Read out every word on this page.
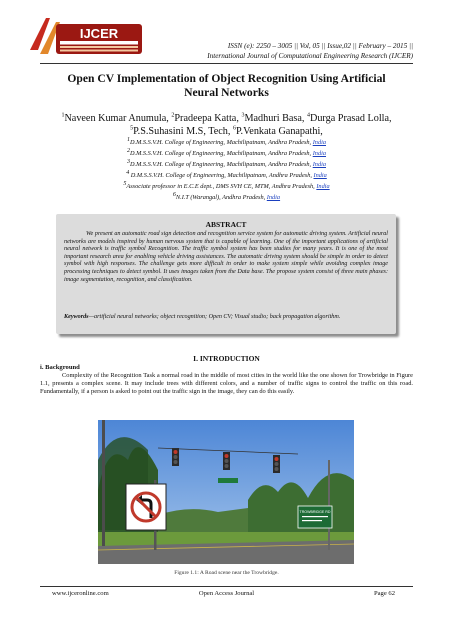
IJCER
ISSN (e): 2250 – 3005 || Vol, 05 || Issue,02 || February – 2015 ||
International Journal of Computational Engineering Research (IJCER)
Open CV Implementation of Object Recognition Using Artificial
Neural Networks
$^1$Naveen Kumar Anumula, $^2$Pradeepa Katta, $^3$Madhuri Basa, $^4$Durga Prasad Lolla, $^5$P.S.Suhasini M.S, Tech, $^6$P.Venkata Ganapathi,
$^1$D.M.S.S.V.H. College of Engineering, Machilipatnam, Andhra Pradesh, India
$^2$D.M.S.S.V.H. College of Engineering, Machilipatnam, Andhra Pradesh, India
$^3$D.M.S.S.V.H. College of Engineering, Machilipatnam, Andhra Pradesh, India
$^4$ D.M.S.S.V.H. College of Engineering, Machilipatnam, Andhra Pradesh, India
$^5$Associate professor in E.C.E dept., DMS SVH CE, MTM, Andhra Pradesh, India
$^6$N.I.T (Warangal), Andhra Pradesh, India
ABSTRACT
We present an automatic road sign detection and recognition service system for automatic driving system. Artificial neural networks are models inspired by human nervous system that is capable of learning. One of the important applications of artificial neural network is traffic symbol Recognition. The traffic symbol system has been studies for many years. It is one of the most important research area for enabling vehicle driving assistances. The automatic driving system should be simple in order to detect symbol with high responses. The challenge gets more difficult in order to make system simple while avoiding complex image processing techniques to detect symbol. It uses images taken from the Data base. The propose system consist of three main phases: image segmentation, recognition, and classification.
Keywords—artificial neural networks; object recognition; Open CV; Visual studio; back propagation algorithm.
I. INTRODUCTION
i. Background
Complexity of the Recognition Task a normal road in the middle of most cities in the world like the one shown for Trowbridge in Figure 1.1, presents a complex scene. It may include trees with different colors, and a number of traffic signs to control the traffic on this road. Fundamentally, if a person is asked to point out the traffic sign in the image, they can do this easily.
TROWBRIDGE RD
Figure 1.1: A Road scene near the Trowbridge.
www.ijceronline.com	Open Access Journal	Page 62
